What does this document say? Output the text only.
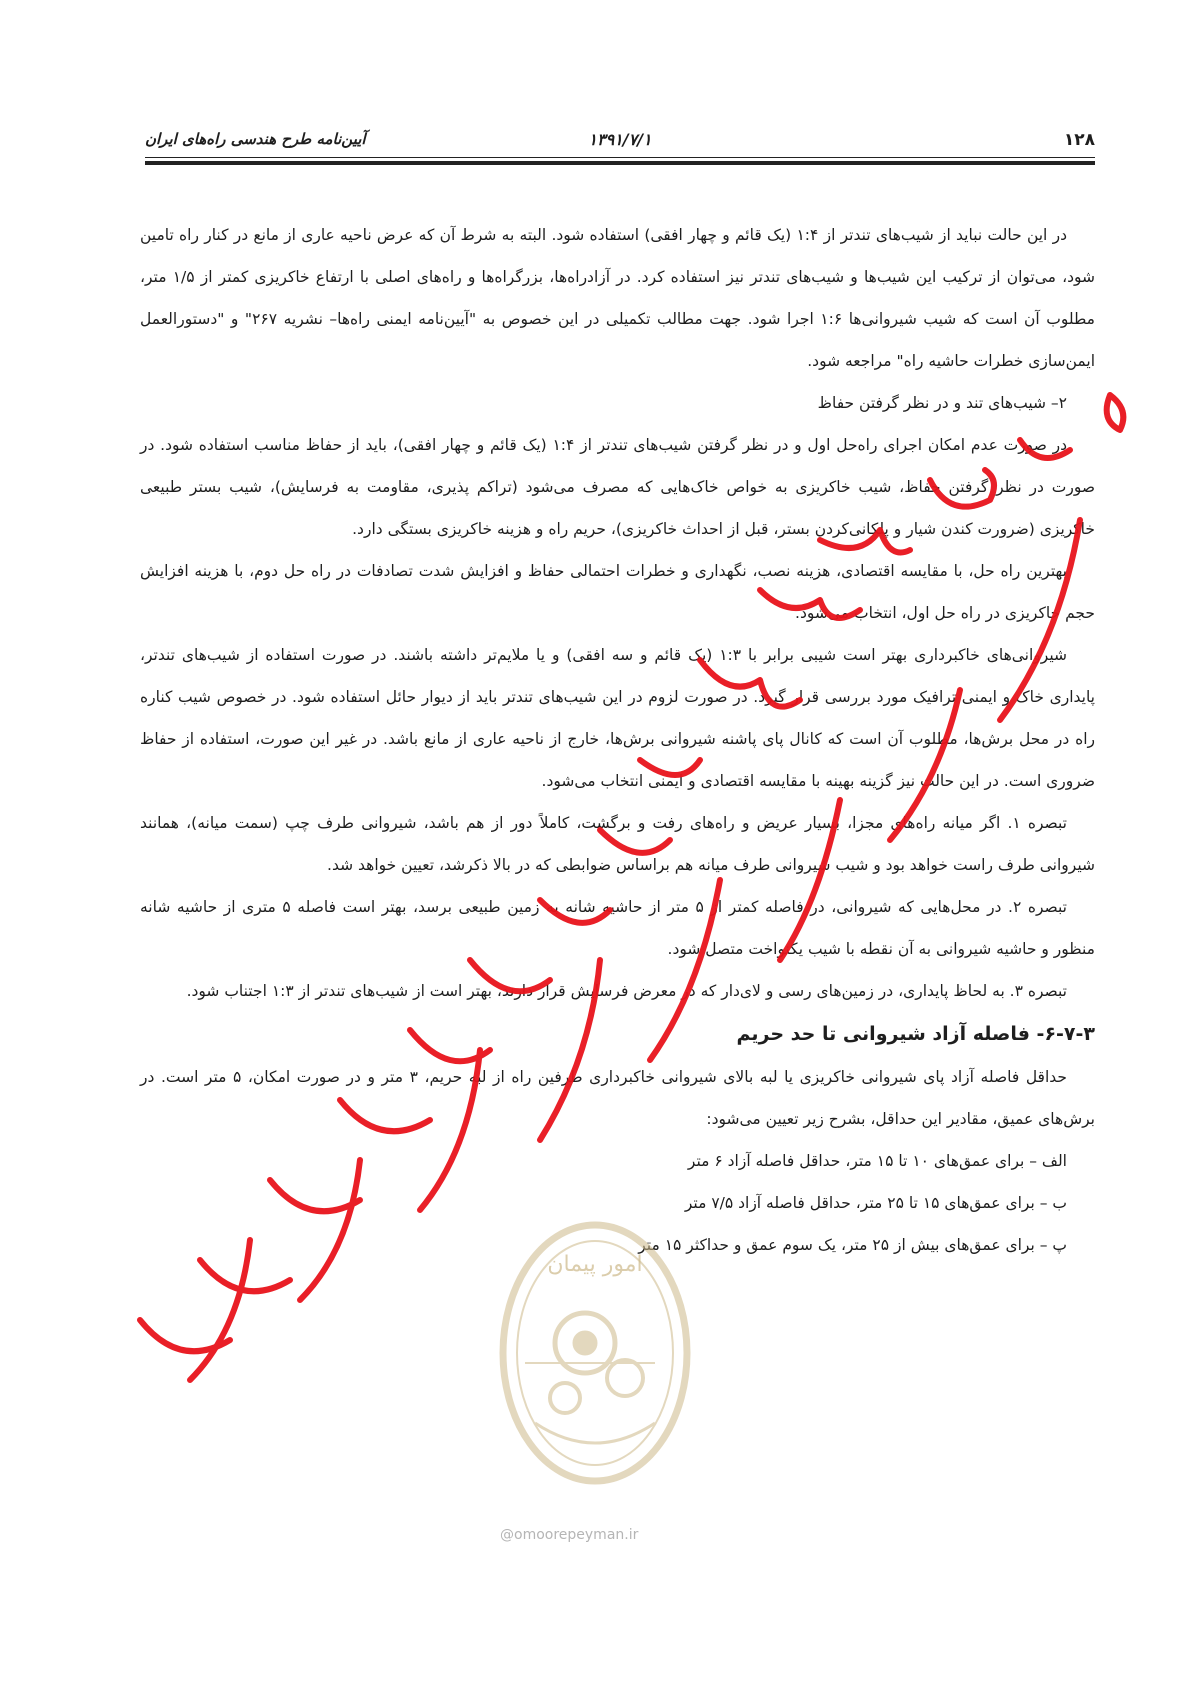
۱۲۸
۱۳۹۱/۷/۱
آیین‌نامه طرح هندسی راه‌های ایران

در این حالت نباید از شیب‌های تندتر از ۱:۴ (یک قائم و چهار افقی) استفاده شود. البته به شرط آن که عرض ناحیه عاری از مانع در کنار راه تامین شود، می‌توان از ترکیب این شیب‌ها و شیب‌های تندتر نیز استفاده کرد. در آزادراه‌ها، بزرگراه‌ها و راه‌های اصلی با ارتفاع خاکریزی کمتر از ۱/۵ متر، مطلوب آن است که شیب شیروانی‌ها ۱:۶ اجرا شود. جهت مطالب تکمیلی در این خصوص به "آیین‌نامه ایمنی راه‌ها– نشریه ۲۶۷" و "دستورالعمل ایمن‌سازی خطرات حاشیه راه" مراجعه شود.

۲– شیب‌های تند و در نظر گرفتن حفاظ

در صورت عدم امکان اجرای راه‌حل اول و در نظر گرفتن شیب‌های تندتر از ۱:۴ (یک قائم و چهار افقی)، باید از حفاظ مناسب استفاده شود. در صورت در نظر گرفتن حفاظ، شیب خاکریزی به خواص خاک‌هایی که مصرف می‌شود (تراکم پذیری، مقاومت به فرسایش)، شیب بستر طبیعی خاکریزی (ضرورت کندن شیار و پلکانی‌کردن بستر، قبل از احداث خاکریزی)، حریم راه و هزینه خاکریزی بستگی دارد.

بهترین راه حل، با مقایسه اقتصادی، هزینه نصب، نگهداری و خطرات احتمالی حفاظ و افزایش شدت تصادفات در راه حل دوم، با هزینه افزایش حجم خاکریزی در راه حل اول، انتخاب می‌شود.

شیروانی‌های خاکبرداری بهتر است شیبی برابر با ۱:۳ (یک قائم و سه افقی) و یا ملایم‌تر داشته باشند. در صورت استفاده از شیب‌های تندتر، پایداری خاک و ایمنی ترافیک مورد بررسی قرار گیرد. در صورت لزوم در این شیب‌های تندتر باید از دیوار حائل استفاده شود. در خصوص شیب کناره راه در محل برش‌ها، مطلوب آن است که کانال پای پاشنه شیروانی برش‌ها، خارج از ناحیه عاری از مانع باشد. در غیر این صورت، استفاده از حفاظ ضروری است. در این حالت نیز گزینه بهینه با مقایسه اقتصادی و ایمنی انتخاب می‌شود.

تبصره ۱. اگر میانه راه‌های مجزا، بسیار عریض و راه‌های رفت و برگشت، کاملاً دور از هم باشد، شیروانی طرف چپ (سمت میانه)، همانند شیروانی طرف راست خواهد بود و شیب شیروانی طرف میانه هم براساس ضوابطی که در بالا ذکرشد، تعیین خواهد شد.

تبصره ۲. در محل‌هایی که شیروانی، در فاصله کمتر از ۵ متر از حاشیه شانه به زمین طبیعی برسد، بهتر است فاصله ۵ متری از حاشیه شانه منظور و حاشیه شیروانی به آن نقطه با شیب یکنواخت متصل شود.

تبصره ۳. به لحاظ پایداری، در زمین‌های رسی و لای‌دار که در معرض فرسایش قرار دارند، بهتر است از شیب‌های تندتر از ۱:۳ اجتناب شود.

۶-۷-۳- فاصله آزاد شیروانی تا حد حریم

حداقل فاصله آزاد پای شیروانی خاکریزی یا لبه بالای شیروانی خاکبرداری طرفین راه از لبه حریم، ۳ متر و در صورت امکان، ۵ متر است. در برش‌های عمیق، مقادیر این حداقل، بشرح زیر تعیین می‌شود:

الف – برای عمق‌های ۱۰ تا ۱۵ متر، حداقل فاصله آزاد ۶ متر

ب – برای عمق‌های ۱۵ تا ۲۵ متر، حداقل فاصله آزاد ۷/۵ متر

پ – برای عمق‌های بیش از ۲۵ متر، یک سوم عمق و حداکثر ۱۵ متر

امور پیمان
@omoorepeyman.ir
